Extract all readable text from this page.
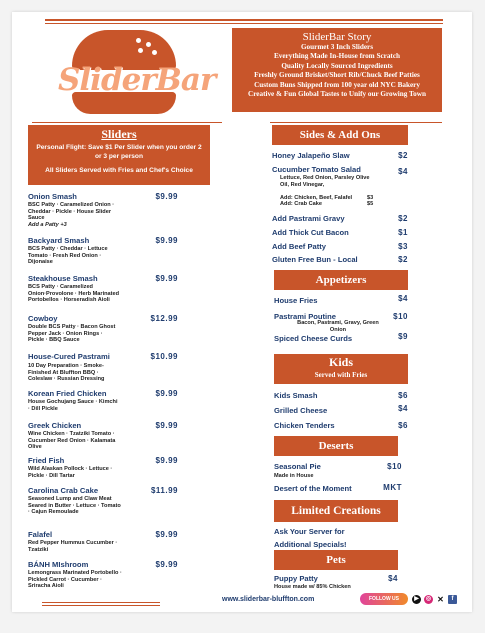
SliderBar
SliderBar Story
Gourmet 3 Inch Sliders
Everything Made In-House from Scratch
Quality Locally Sourced Ingredients
Freshly Ground Brisket/Short Rib/Chuck Beef Patties
Custom Buns Shipped from 100 year old NYC Bakery
Creative & Fun Global Tastes to Unify our Growing Town
Sliders
Personal Flight: Save $1 Per Slider when you order 2 or 3 per person
All Sliders Served with Fries and Chef's Choice
Onion Smash	$9.99
BSC Patty · Caramelized Onion · Cheddar · Pickle · House Slider Sauce
Add a Patty +3
Backyard Smash	$9.99
BCS Patty · Cheddar · Lettuce Tomato · Fresh Red Onion · Dijonaise
Steakhouse Smash	$9.99
BCS Patty · Caramelized Onion·Provolone · Herb Marinated Portobellos · Horseradish Aioli
Cowboy	$12.99
Double BCS Patty · Bacon Ghost Pepper Jack · Onion Rings · Pickle · BBQ Sauce
House-Cured Pastrami	$10.99
10 Day Preparation · Smoke-Finished At Bluffton BBQ · Coleslaw · Russian Dressing
Korean Fried Chicken	$9.99
House Gochujang Sauce · Kimchi · Dill Pickle
Greek Chicken	$9.99
Wine Chicken · Tzatziki Tomato · Cucumber Red Onion · Kalamata Olive
Fried Fish	$9.99
Wild Alaskan Pollock · Lettuce · Pickle · Dill Tartar
Carolina Crab Cake	$11.99
Seasoned Lump and Claw Meat Seared in Butter · Lettuce · Tomato · Cajun Remoulade
Falafel	$9.99
Red Pepper Hummus Cucumber · Tzatziki
BÁNH MIshroom	$9.99
Lemongrass Marinated Portobello · Pickled Carrot · Cucumber · Sriracha Aioli
Sides & Add Ons
Honey Jalapeño Slaw	$2
Cucumber Tomato Salad	$4
Lettuce, Red Onion, Parsley Olive Oil, Red Vinegar,
Add: Chicken, Beef, Falafel	$3
Add: Crab Cake	$5
Add Pastrami Gravy	$2
Add Thick Cut Bacon	$1
Add Beef Patty	$3
Gluten Free Bun - Local	$2
Appetizers
House Fries	$4
Pastrami Poutine	$10
Bacon, Pastrami, Gravy, Green Onion
Spiced Cheese Curds	$9
Kids
Served with Fries
Kids Smash	$6
Grilled Cheese	$4
Chicken Tenders	$6
Deserts
Seasonal Pie	$10
Made in House
Desert of the Moment	MKT
Limited Creations
Ask Your Server for
Additional Specials!
Pets
Puppy Patty	$4
House made w/ 85% Chicken
www.sliderbar-bluffton.com	FOLLOW US	▶	◎ ✕	f
